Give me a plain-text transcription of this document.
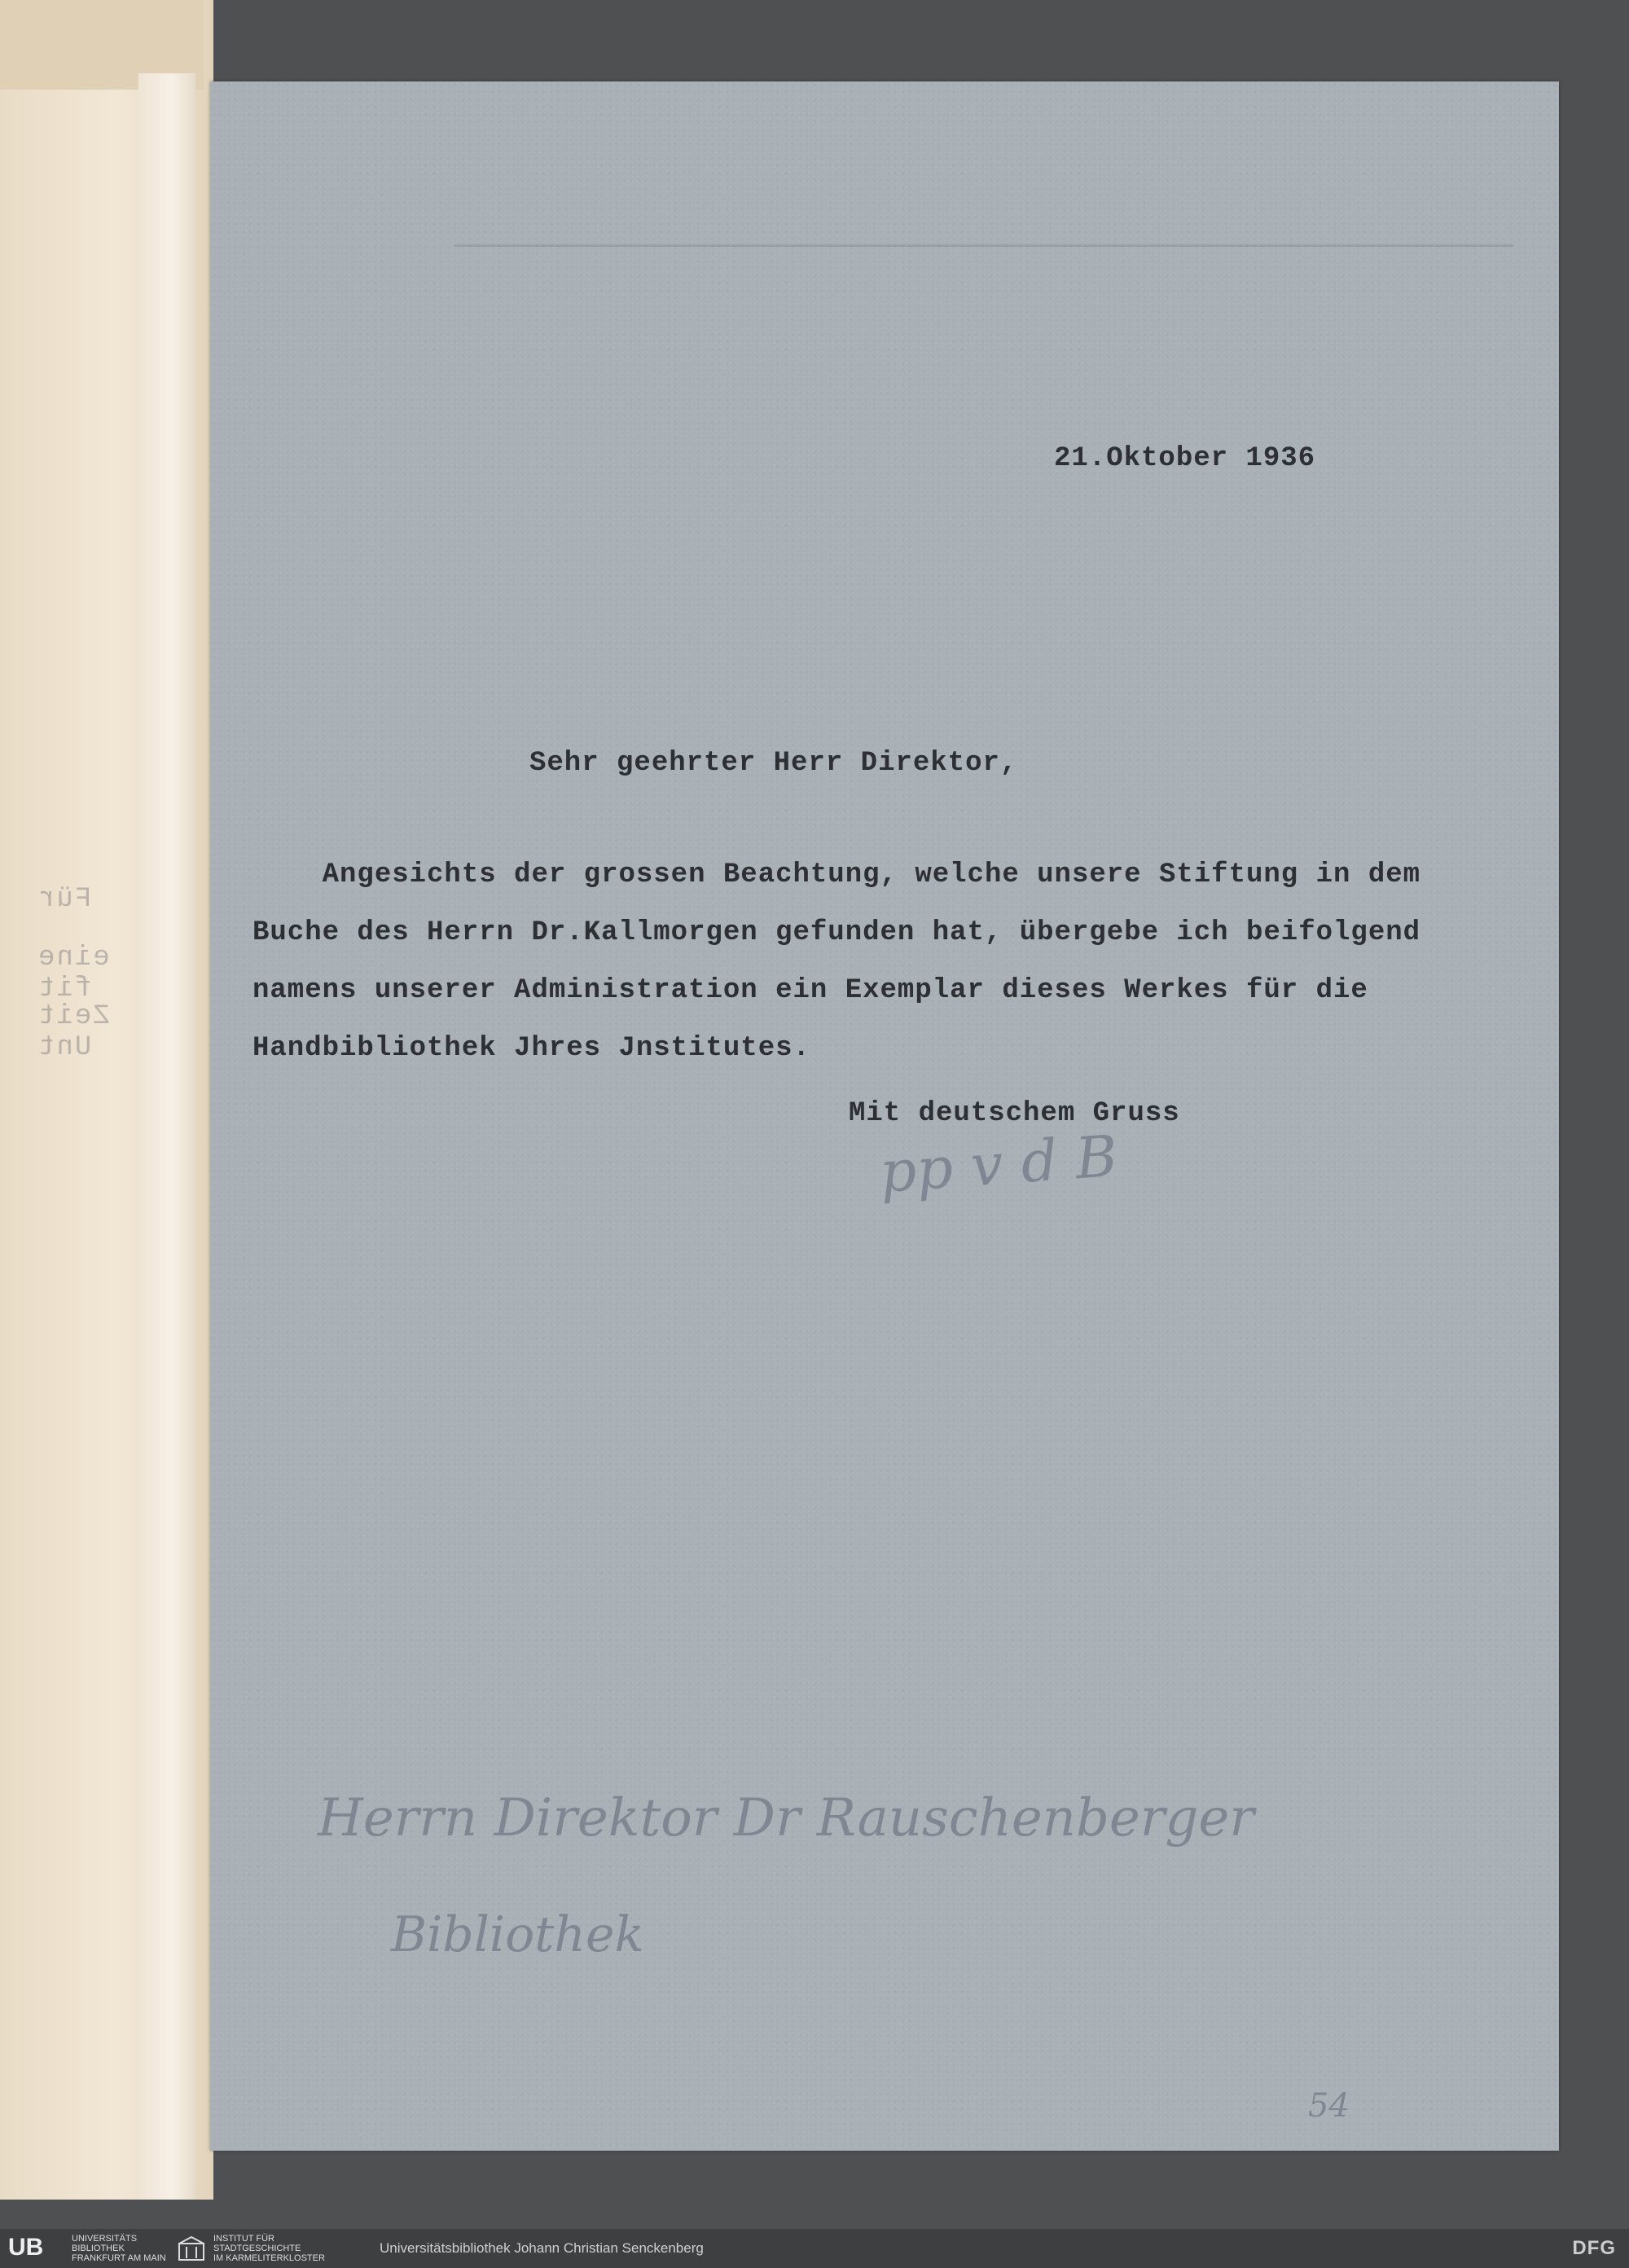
Für
eine fit
Zeit Unt
21.Oktober 1936
Sehr geehrter Herr Direktor,
Angesichts der grossen Beachtung, welche unsere Stiftung in dem
Buche des Herrn Dr.Kallmorgen gefunden hat, übergebe ich beifolgend
namens unserer Administration ein Exemplar dieses Werkes für die
Handbibliothek Jhres Jnstitutes.
Mit deutschem Gruss
pp v d B
Herrn Direktor Dr Rauschenberger
Bibliothek
54
UB	UNIVERSITÄTS
BIBLIOTHEK
FRANKFURT AM MAIN
INSTITUT FÜR
STADTGESCHICHTE
IM KARMELITERKLOSTER
Universitätsbibliothek Johann Christian Senckenberg	DFG
